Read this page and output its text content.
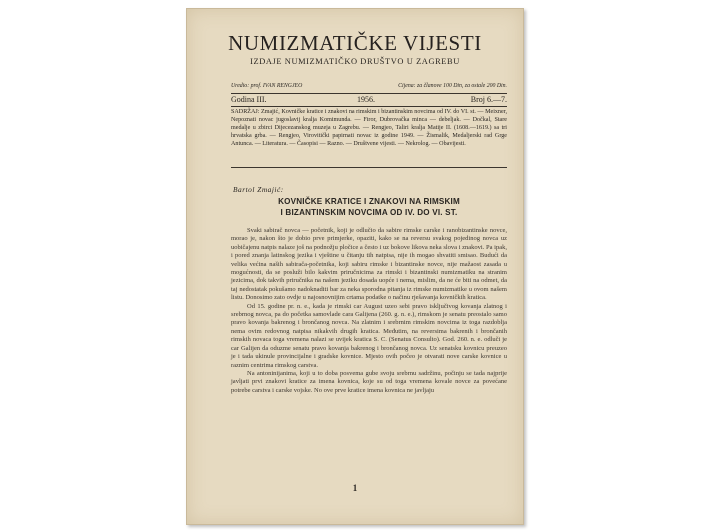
NUMIZMATIČKE VIJESTI
IZDAJE NUMIZMATIČKO DRUŠTVO U ZAGREBU
Uredio: prof. IVAN RENGJEO	Cijena: za članove 100 Din, za ostale 200 Din.
Godina III.	1956.	Broj 6.—7.
SADRŽAJ: Zmajić, Kovničke kratice i znakovi na rimskim i bizantinskim novcima od IV. do VI. st. — Meixner, Nepoznati novac jugoslavij kralja Komimunda. — Firor, Dubrovačka minca — debeljak. — Dočkal, Stare medalje u zbirci Dijecezanskog muzeja u Zagrebu. — Rengjeo, Taliri kralja Matije II. (1608.—1619.) sa tri hrvatska grba. — Rengjeo, Virovitički papirnati novac iz godine 1949. — Žismalik, Medaljerski rad Grge Antunca. — Literatura. — Časopisi — Razno. — Društvene vijesti. — Nekrolog. — Obavijesti.
Bartol Zmajić:
KOVNIČKE KRATICE I ZNAKOVI NA RIMSKIM
I BIZANTINSKIM NOVCIMA OD IV. DO VI. ST.

Svaki sabirač novca — početnik, koji je odlučio da sabire rimske carske i ranobizantinske novce, morao je, nakon što je dobio prve primjerke, opaziti, kako se na reversu svakog pojedinog novca uz uobičajenu natpis nalaze još na podnožju pločice a često i uz bokove likova neka slova i znakovi. Pa ipak, i pored znanja latinskog jezika i vještine u čitanju tih natpisa, nije ih mogao shvatiti smisao. Budući da velika većina naših sabirača-početnika, koji sabiru rimske i bizantinske novce, nije mažaost zasada u mogućnosti, da se posluži bilo kakvim priručnicima za rimski i bizantinski numizmatiku na stranim jezicima, dok takvih priručnika na našem jeziku dosada uopće i nema, mislim, da ne će biti na odmet, da taj nedostatak pokušamo nadoknaditi bar za neka sporodna pitanja iz rimske numizmatike u ovom našem listu. Donosimo zato ovdje u najosnovnijim crtama podatke o načinu rješavanja kovničkih kratica.

Od 15. godine pr. n. e., kada je rimski car August uzeo sebi pravo isključivog kovanja zlatnog i srebrnog novca, pa do početka samovlade cara Galijena (260. g. n. e.), rimskom je senatu preostalo samo pravo kovanja bakrenog i brončanog novca. Na zlatnim i srebrnim rimskim novcima iz toga razdoblja nema ovim redovnog natpisa nikakvih drugih kratica. Međutim, na reversima bakrenih i brončanih rimskih novaca toga vremena nalazi se uvijek kratica S. C. (Senatus Consulto). God. 260. n. e. odluči je car Galijen da oduzme senatu pravo kovanja bakrenog i brončanog novca. Uz senatsku kovnicu preuzeo je i tada ukinule provincijalne i gradske kovnice. Mjesto ovih počeo je otvarati nove carske kovnice u raznim centrima rimskog carstva.

Na antoninijanima, koji u to doba posvema gube svoju srebrnu sadržinu, počinju se tada najprije javljati prvi znakovi kratice za imena kovnica, koje su od toga vremena kovale novce za povećane potrebe carstva i carske vojske. No ove prve kratice imena kovnica ne javljaju

1
